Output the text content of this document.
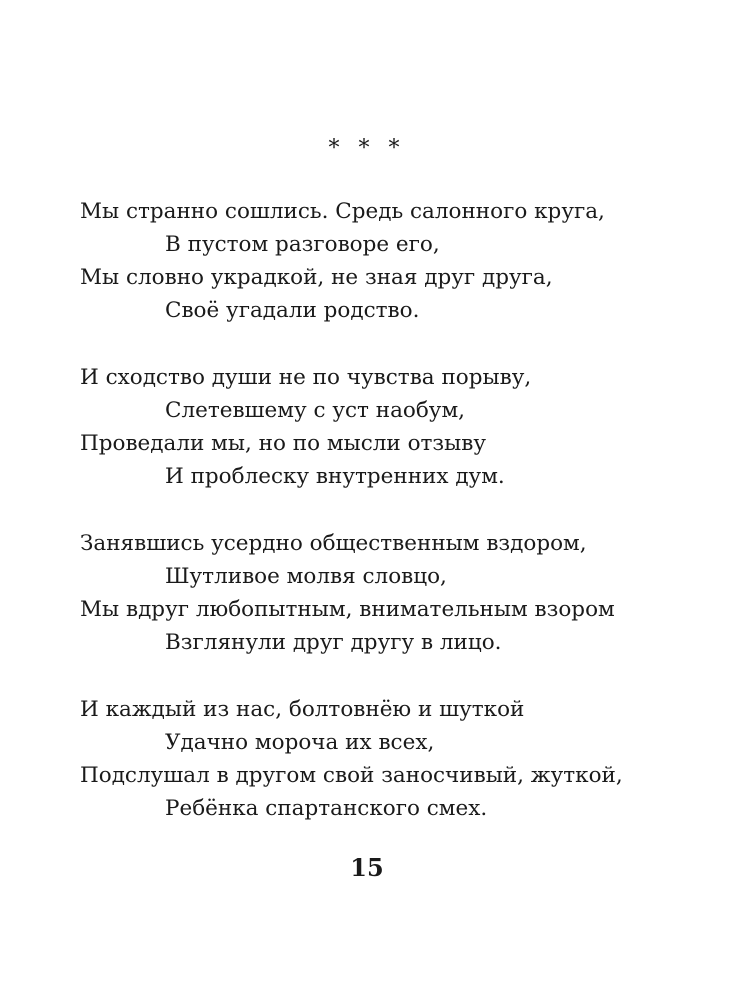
* * *
Мы странно сошлись. Средь салонного круга,
В пустом разговоре его,
Мы словно украдкой, не зная друг друга,
Своё угадали родство.
И сходство души не по чувства порыву,
Слетевшему с уст наобум,
Проведали мы, но по мысли отзыву
И проблеску внутренних дум.
Занявшись усердно общественным вздором,
Шутливое молвя словцо,
Мы вдруг любопытным, внимательным взором
Взглянули друг другу в лицо.
И каждый из нас, болтовнёю и шуткой
Удачно мороча их всех,
Подслушал в другом свой заносчивый, жуткой,
Ребёнка спартанского смех.
15
